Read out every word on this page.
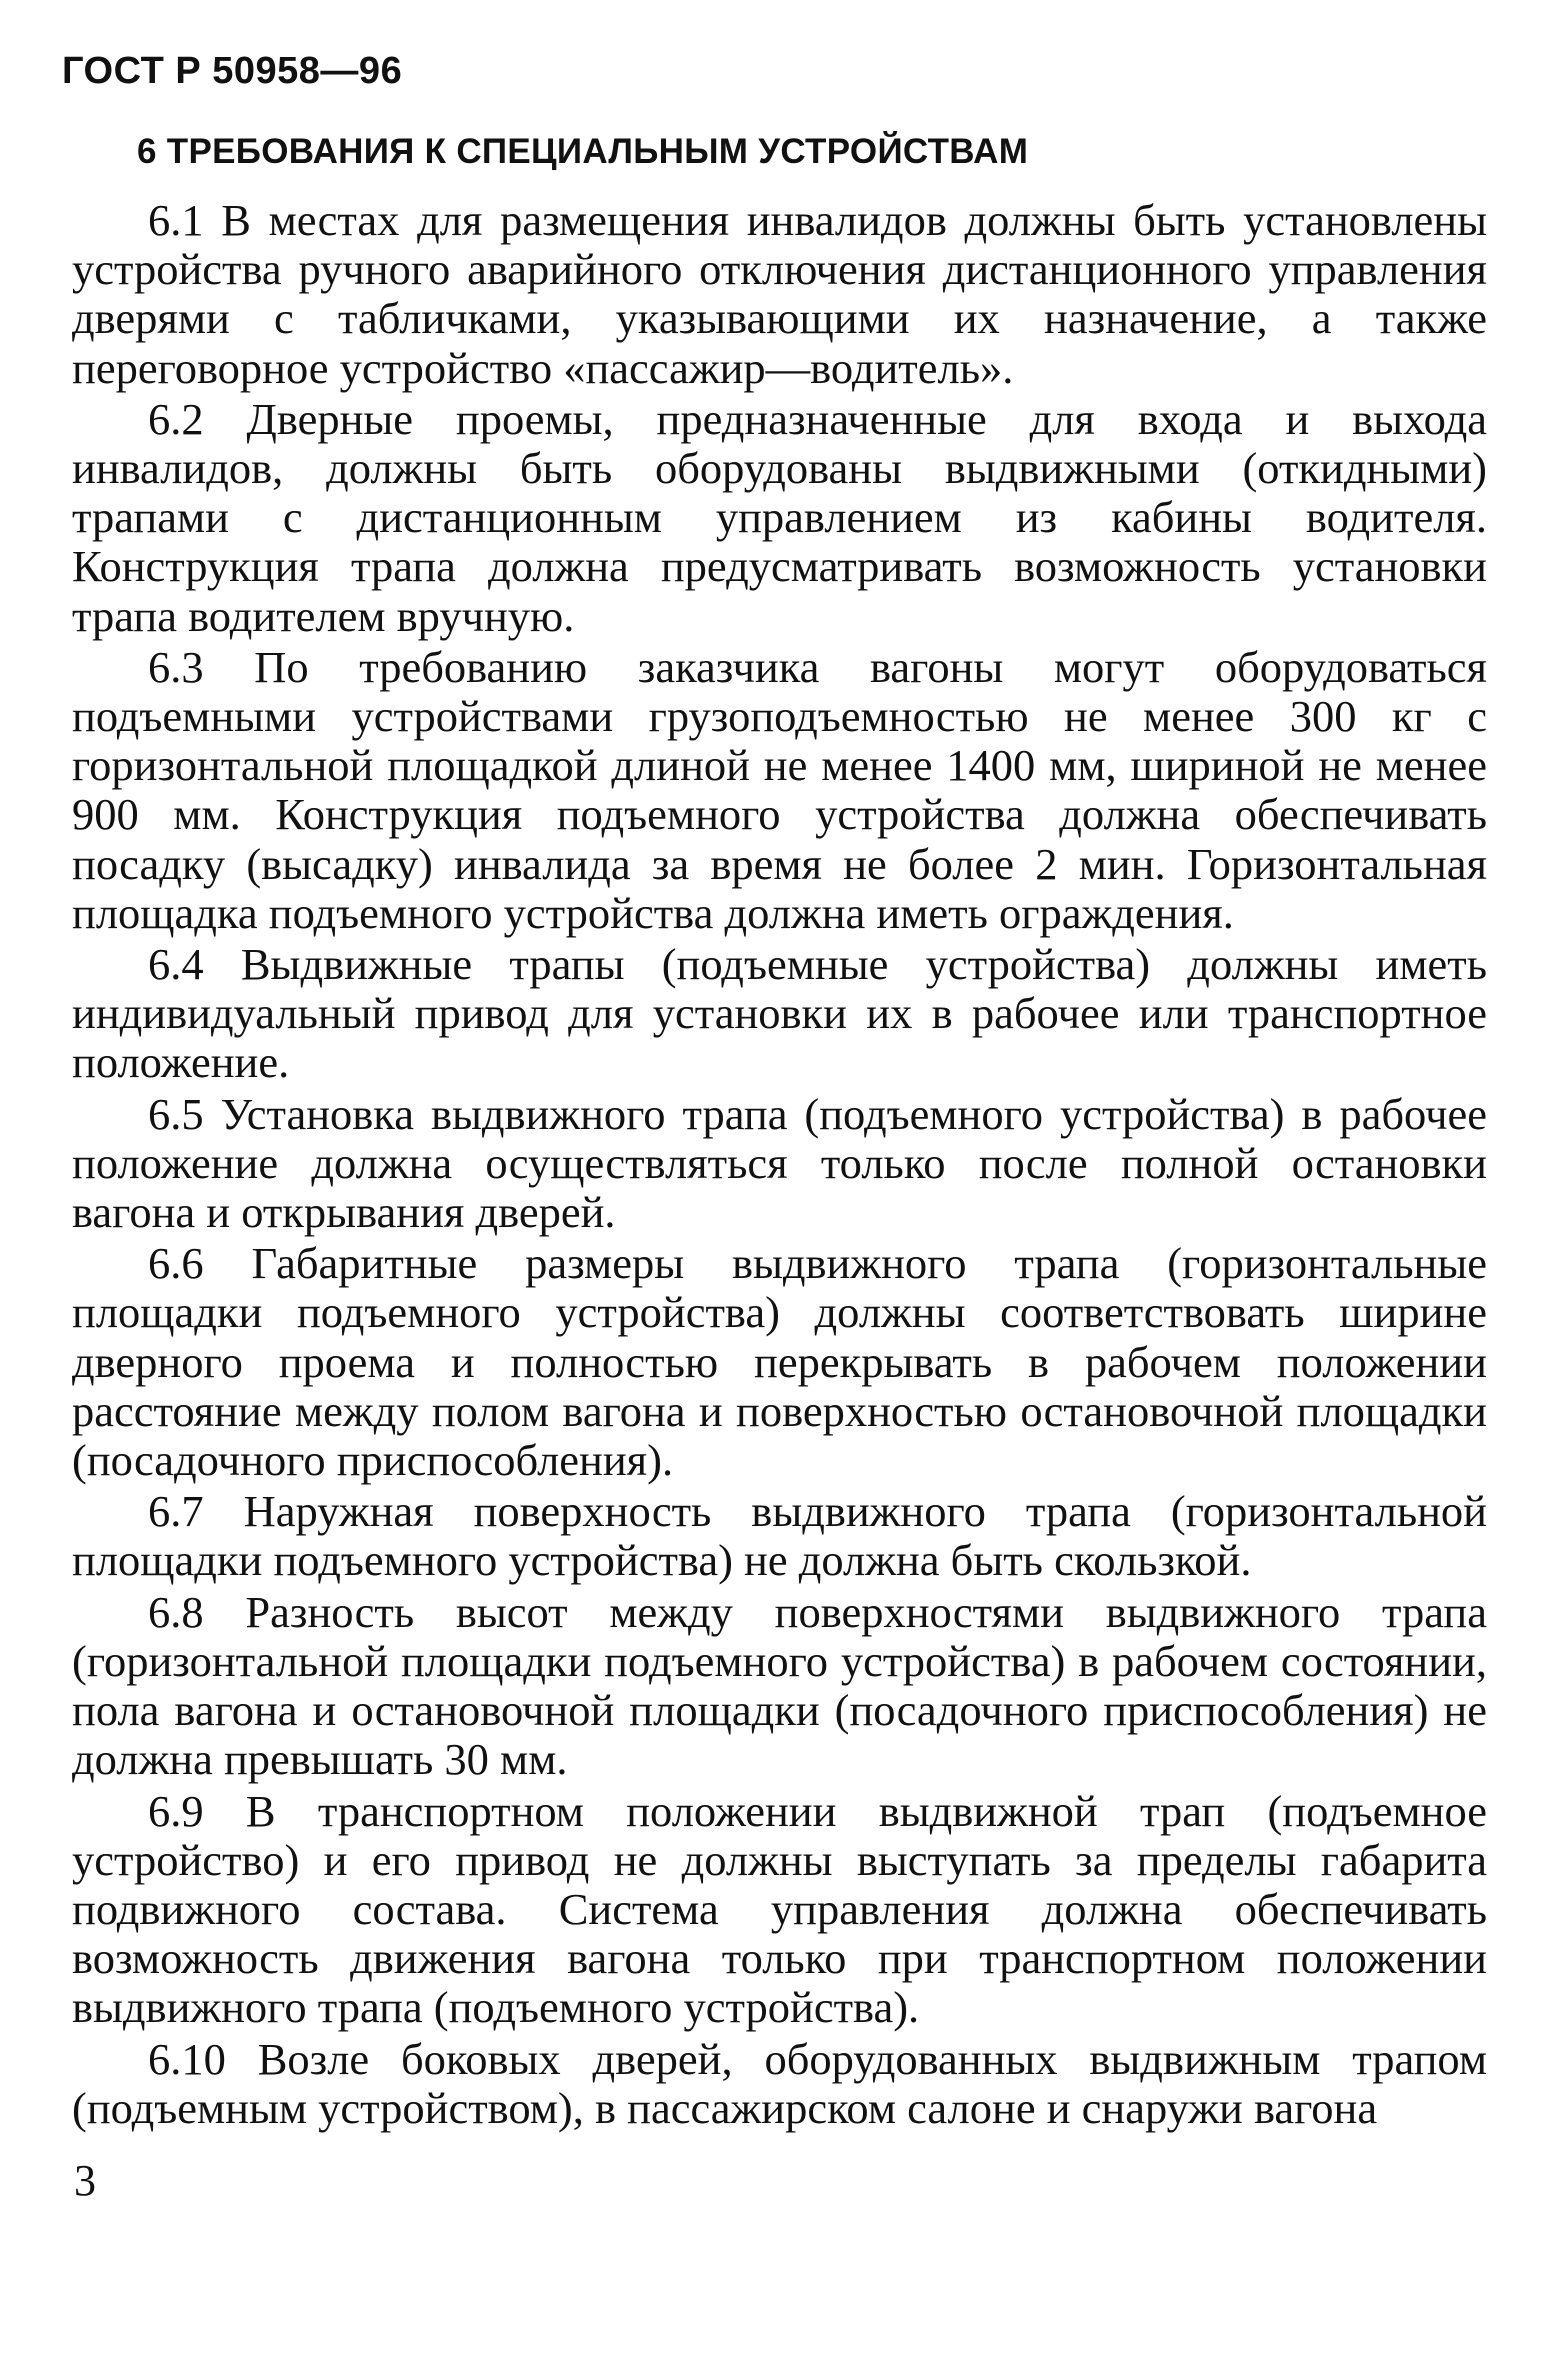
ГОСТ Р 50958—96
6 ТРЕБОВАНИЯ К СПЕЦИАЛЬНЫМ УСТРОЙСТВАМ

6.1 В местах для размещения инвалидов должны быть установлены устройства ручного аварийного отключения дистанционного управления дверями с табличками, указывающими их назначение, а также переговорное устройство «пассажир—водитель».

6.2 Дверные проемы, предназначенные для входа и выхода инвалидов, должны быть оборудованы выдвижными (откидными) трапами с дистанционным управлением из кабины водителя. Конструкция трапа должна предусматривать возможность установки трапа водителем вручную.

6.3 По требованию заказчика вагоны могут оборудоваться подъемными устройствами грузоподъемностью не менее 300 кг с горизонтальной площадкой длиной не менее 1400 мм, шириной не менее 900 мм. Конструкция подъемного устройства должна обеспечивать посадку (высадку) инвалида за время не более 2 мин. Горизонтальная площадка подъемного устройства должна иметь ограждения.

6.4 Выдвижные трапы (подъемные устройства) должны иметь индивидуальный привод для установки их в рабочее или транспортное положение.

6.5 Установка выдвижного трапа (подъемного устройства) в рабочее положение должна осуществляться только после полной остановки вагона и открывания дверей.

6.6 Габаритные размеры выдвижного трапа (горизонтальные площадки подъемного устройства) должны соответствовать ширине дверного проема и полностью перекрывать в рабочем положении расстояние между полом вагона и поверхностью остановочной площадки (посадочного приспособления).

6.7 Наружная поверхность выдвижного трапа (горизонтальной площадки подъемного устройства) не должна быть скользкой.

6.8 Разность высот между поверхностями выдвижного трапа (горизонтальной площадки подъемного устройства) в рабочем состоянии, пола вагона и остановочной площадки (посадочного приспособления) не должна превышать 30 мм.

6.9 В транспортном положении выдвижной трап (подъемное устройство) и его привод не должны выступать за пределы габарита подвижного состава. Система управления должна обеспечивать возможность движения вагона только при транспортном положении выдвижного трапа (подъемного устройства).

6.10 Возле боковых дверей, оборудованных выдвижным трапом (подъемным устройством), в пассажирском салоне и снаружи вагона

3
